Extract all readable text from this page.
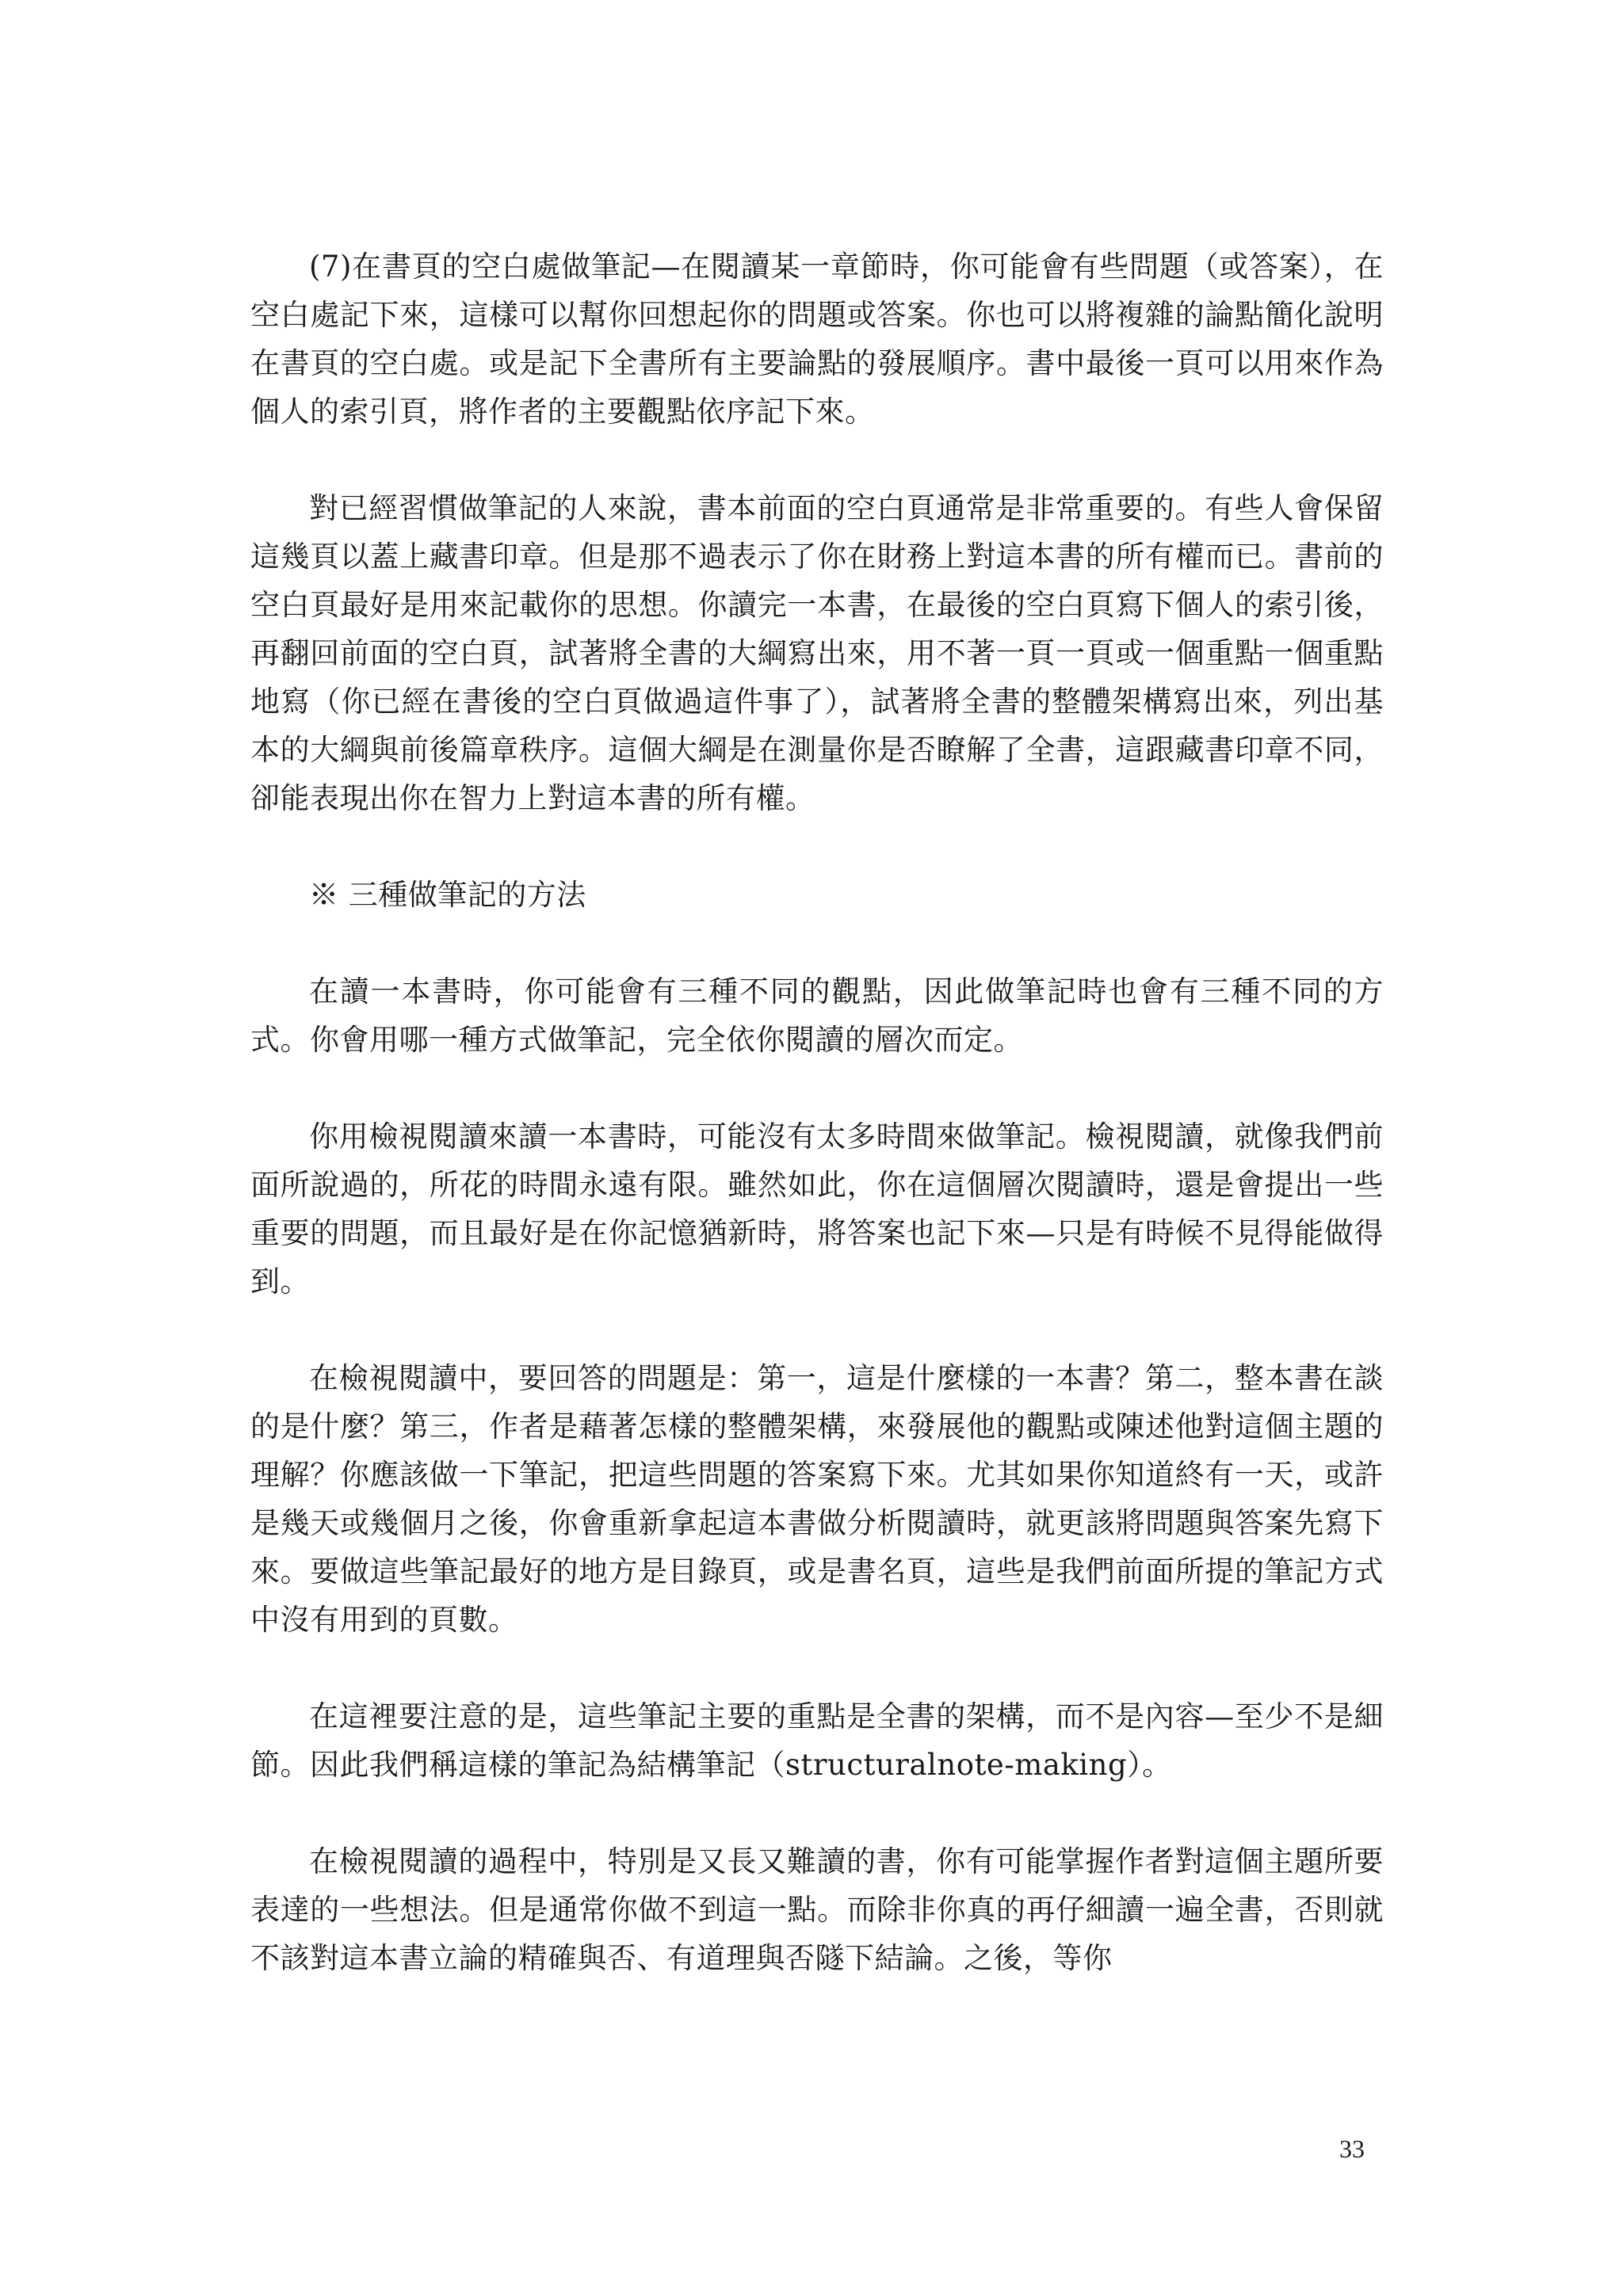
(7)在書頁的空白處做筆記—在閱讀某一章節時，你可能會有些問題（或答案），在空白處記下來，這樣可以幫你回想起你的問題或答案。你也可以將複雜的論點簡化說明在書頁的空白處。或是記下全書所有主要論點的發展順序。書中最後一頁可以用來作為個人的索引頁，將作者的主要觀點依序記下來。

對已經習慣做筆記的人來說，書本前面的空白頁通常是非常重要的。有些人會保留這幾頁以蓋上藏書印章。但是那不過表示了你在財務上對這本書的所有權而已。書前的空白頁最好是用來記載你的思想。你讀完一本書，在最後的空白頁寫下個人的索引後，再翻回前面的空白頁，試著將全書的大綱寫出來，用不著一頁一頁或一個重點一個重點地寫（你已經在書後的空白頁做過這件事了），試著將全書的整體架構寫出來，列出基本的大綱與前後篇章秩序。這個大綱是在測量你是否瞭解了全書，這跟藏書印章不同，卻能表現出你在智力上對這本書的所有權。

※ 三種做筆記的方法

在讀一本書時，你可能會有三種不同的觀點，因此做筆記時也會有三種不同的方式。你會用哪一種方式做筆記，完全依你閱讀的層次而定。

你用檢視閱讀來讀一本書時，可能沒有太多時間來做筆記。檢視閱讀，就像我們前面所說過的，所花的時間永遠有限。雖然如此，你在這個層次閱讀時，還是會提出一些重要的問題，而且最好是在你記憶猶新時，將答案也記下來—只是有時候不見得能做得到。

在檢視閱讀中，要回答的問題是：第一，這是什麼樣的一本書？第二，整本書在談的是什麼？第三，作者是藉著怎樣的整體架構，來發展他的觀點或陳述他對這個主題的理解？你應該做一下筆記，把這些問題的答案寫下來。尤其如果你知道終有一天，或許是幾天或幾個月之後，你會重新拿起這本書做分析閱讀時，就更該將問題與答案先寫下來。要做這些筆記最好的地方是目錄頁，或是書名頁，這些是我們前面所提的筆記方式中沒有用到的頁數。

在這裡要注意的是，這些筆記主要的重點是全書的架構，而不是內容—至少不是細節。因此我們稱這樣的筆記為結構筆記（structuralnote-making）。

在檢視閱讀的過程中，特別是又長又難讀的書，你有可能掌握作者對這個主題所要表達的一些想法。但是通常你做不到這一點。而除非你真的再仔細讀一遍全書，否則就不該對這本書立論的精確與否、有道理與否隧下結論。之後，等你

33
